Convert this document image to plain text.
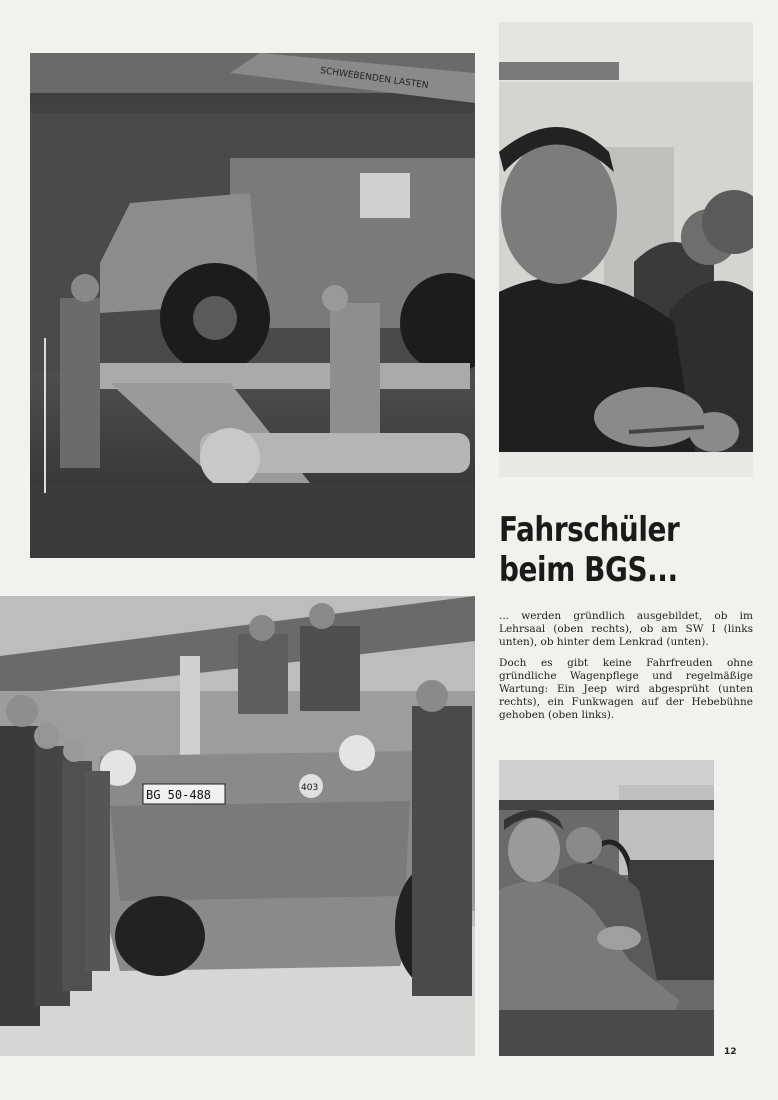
SCHWEBENDEN LASTEN
Fahrschüler
beim BGS...

... werden gründlich ausgebildet, ob im Lehrsaal (oben rechts), ob am SW I (links unten), ob hinter dem Lenkrad (unten).

Doch es gibt keine Fahrfreuden ohne gründliche Wagenpflege und regelmäßige Wartung: Ein Jeep wird abgesprüht (unten rechts), ein Funkwagen auf der Hebebühne gehoben (oben links).

BG 50-488	403
12
